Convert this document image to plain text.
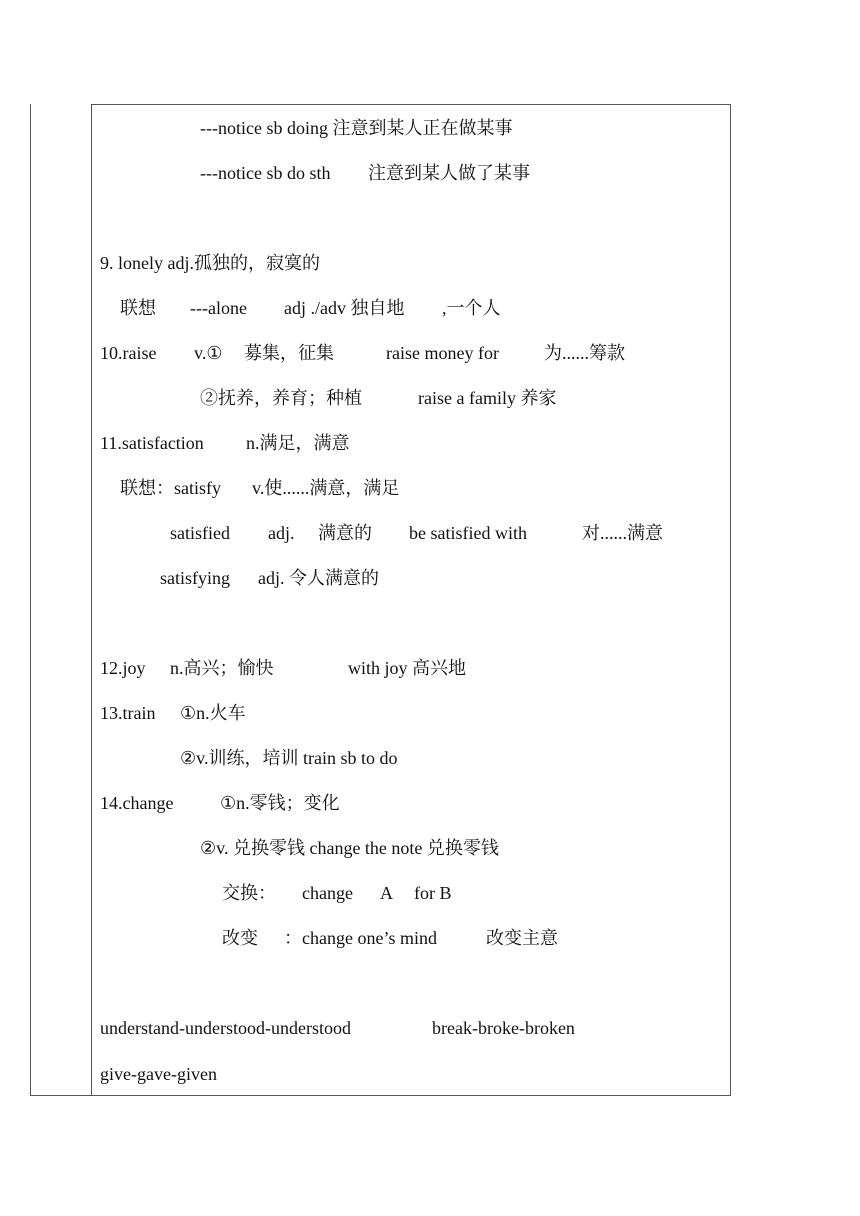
---notice sb doing 注意到某人正在做某事
---notice sb do sth 注意到某人做了某事
9. lonely adj.孤独的，寂寞的
联想 ---alone adj ./adv 独自地 ,一个人
10.raise v.① 募集，征集	raise money for	为......筹款
②抚养，养育；种植	raise a family 养家
11.satisfaction n.满足，满意
联想：satisfy v.使......满意，满足
satisfied adj. 满意的 be satisfied with	对......满意
satisfying adj. 令人满意的
12.joy n.高兴；愉快	with joy 高兴地
13.train ①n.火车
②v.训练，培训 train sb to do
14.change	①n.零钱；变化
②v. 兑换零钱 change the note 兑换零钱
交换： change A for B
改变 ：change one’s mind	改变主意
understand-understood-understood	break-broke-broken
give-gave-given
